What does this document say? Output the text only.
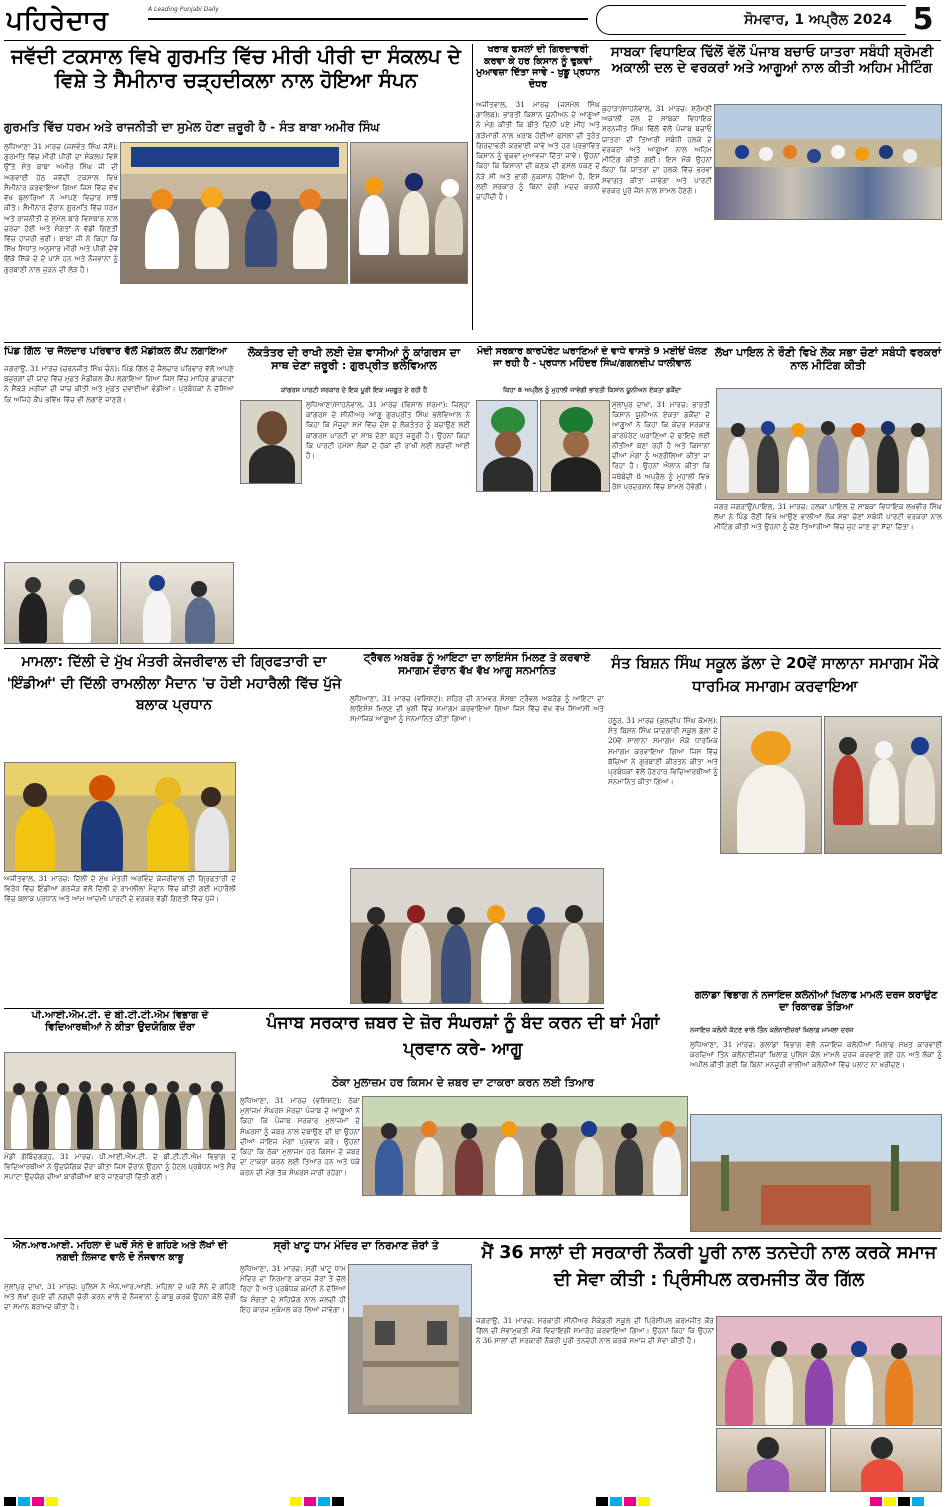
ਪਹਿਰੇਦਾਰ	A Leading Punjabi Daily
ਸੋਮਵਾਰ, 1 ਅਪ੍ਰੈਲ 2024 5
ਜਵੱਦੀ ਟਕਸਾਲ ਵਿਖੇ ਗੁਰਮਤਿ ਵਿੱਚ ਮੀਰੀ ਪੀਰੀ ਦਾ ਸੰਕਲਪ ਦੇ ਵਿਸ਼ੇ ਤੇ ਸੈਮੀਨਾਰ ਚੜ੍ਹਦੀਕਲਾ ਨਾਲ ਹੋਇਆ ਸੰਪਨ
ਗੁਰਮਤਿ ਵਿੱਚ ਧਰਮ ਅਤੇ ਰਾਜਨੀਤੀ ਦਾ ਸੁਮੇਲ ਹੋਣਾ ਜ਼ਰੂਰੀ ਹੈ - ਸੰਤ ਬਾਬਾ ਅਮੀਰ ਸਿੰਘ
ਲੁਧਿਆਣਾ 31 ਮਾਰਚ (ਜਸਵੰਤ ਸਿੰਘ ਜੱਸੋ): ਗੁਰਮਤਿ ਵਿੱਚ ਮੀਰੀ ਪੀਰੀ ਦਾ ਸੰਕਲਪ ਵਿਸ਼ੇ ਉੱਤੇ ਸੰਤ ਬਾਬਾ ਅਮੀਰ ਸਿੰਘ ਜੀ ਦੀ ਅਗਵਾਈ ਹੇਠ ਜਵੱਦੀ ਟਕਸਾਲ ਵਿਖੇ ਸੈਮੀਨਾਰ ਕਰਵਾਇਆ ਗਿਆ ਜਿਸ ਵਿੱਚ ਵੱਖ ਵੱਖ ਬੁਲਾਰਿਆਂ ਨੇ ਆਪਣੇ ਵਿਚਾਰ ਸਾਂਝੇ ਕੀਤੇ। ਸੈਮੀਨਾਰ ਦੌਰਾਨ ਗੁਰਮਤਿ ਵਿੱਚ ਧਰਮ ਅਤੇ ਰਾਜਨੀਤੀ ਦੇ ਸੁਮੇਲ ਬਾਰੇ ਵਿਸਥਾਰ ਨਾਲ ਚਰਚਾ ਹੋਈ ਅਤੇ ਸੰਗਤਾਂ ਨੇ ਵੱਡੀ ਗਿਣਤੀ ਵਿੱਚ ਹਾਜ਼ਰੀ ਭਰੀ। ਬਾਬਾ ਜੀ ਨੇ ਕਿਹਾ ਕਿ ਸਿੱਖ ਸਿਧਾਂਤ ਅਨੁਸਾਰ ਮੀਰੀ ਅਤੇ ਪੀਰੀ ਦੋਵੇਂ ਇੱਕੋ ਸਿੱਕੇ ਦੇ ਦੋ ਪਾਸੇ ਹਨ ਅਤੇ ਨੌਜਵਾਨਾਂ ਨੂੰ ਗੁਰਬਾਣੀ ਨਾਲ ਜੁੜਨ ਦੀ ਲੋੜ ਹੈ।
ਖਰਾਬ ਫਸਲਾਂ ਦੀ ਗਿਰਦਾਵਰੀ ਕਰਵਾ ਕੇ ਹਰ ਕਿਸਾਨ ਨੂੰ ਢੁਕਵਾਂ ਮੁਆਵਜ਼ਾ ਦਿੱਤਾ ਜਾਵੇ - ਖੁਡੂ ਪ੍ਰਧਾਨ ਦੋਧਰ
ਅਜੀਤਵਾਲ, 31 ਮਾਰਚ (ਜਸਮੇਲ ਸਿੰਘ ਗਾਲਿਬ): ਭਾਰਤੀ ਕਿਸਾਨ ਯੂਨੀਅਨ ਦੇ ਆਗੂਆਂ ਨੇ ਮੰਗ ਕੀਤੀ ਕਿ ਬੀਤੇ ਦਿਨੀਂ ਪਏ ਮੀਂਹ ਅਤੇ ਗੜੇਮਾਰੀ ਨਾਲ ਖਰਾਬ ਹੋਈਆਂ ਫਸਲਾਂ ਦੀ ਤੁਰੰਤ ਗਿਰਦਾਵਰੀ ਕਰਵਾਈ ਜਾਵੇ ਅਤੇ ਹਰ ਪ੍ਰਭਾਵਿਤ ਕਿਸਾਨ ਨੂੰ ਢੁਕਵਾਂ ਮੁਆਵਜ਼ਾ ਦਿੱਤਾ ਜਾਵੇ। ਉਹਨਾਂ ਕਿਹਾ ਕਿ ਕਿਸਾਨਾਂ ਦੀ ਕਣਕ ਦੀ ਫਸਲ ਪੱਕਣ ਦੇ ਨੇੜੇ ਸੀ ਅਤੇ ਭਾਰੀ ਨੁਕਸਾਨ ਹੋਇਆ ਹੈ, ਇਸ ਲਈ ਸਰਕਾਰ ਨੂੰ ਬਿਨਾਂ ਦੇਰੀ ਮਦਦ ਕਰਨੀ ਚਾਹੀਦੀ ਹੈ।
ਸਾਬਕਾ ਵਿਧਾਇਕ ਢਿੱਲੋਂ ਵੱਲੋਂ ਪੰਜਾਬ ਬਚਾਓ ਯਾਤਰਾ ਸਬੰਧੀ ਸ਼੍ਰੋਮਣੀ ਅਕਾਲੀ ਦਲ ਦੇ ਵਰਕਰਾਂ ਅਤੇ ਆਗੂਆਂ ਨਾਲ ਕੀਤੀ ਅਹਿਮ ਮੀਟਿੰਗ
ਕੁਹਾੜਾ/ਸਾਹਨੇਵਾਲ, 31 ਮਾਰਚ: ਸ਼੍ਰੋਮਣੀ ਅਕਾਲੀ ਦਲ ਦੇ ਸਾਬਕਾ ਵਿਧਾਇਕ ਸ਼ਰਨਜੀਤ ਸਿੰਘ ਢਿੱਲੋਂ ਵੱਲੋਂ ਪੰਜਾਬ ਬਚਾਓ ਯਾਤਰਾ ਦੀ ਤਿਆਰੀ ਸਬੰਧੀ ਹਲਕੇ ਦੇ ਵਰਕਰਾਂ ਅਤੇ ਆਗੂਆਂ ਨਾਲ ਅਹਿਮ ਮੀਟਿੰਗ ਕੀਤੀ ਗਈ। ਇਸ ਮੌਕੇ ਉਹਨਾਂ ਕਿਹਾ ਕਿ ਯਾਤਰਾ ਦਾ ਹਲਕੇ ਵਿੱਚ ਭਰਵਾਂ ਸਵਾਗਤ ਕੀਤਾ ਜਾਵੇਗਾ ਅਤੇ ਪਾਰਟੀ ਵਰਕਰ ਪੂਰੇ ਜੋਸ਼ ਨਾਲ ਸ਼ਾਮਲ ਹੋਣਗੇ।
ਪਿੰਡ ਗਿੱਲ 'ਚ ਜੈਲਦਾਰ ਪਰਿਵਾਰ ਵੱਲੋਂ ਮੈਡੀਕਲ ਕੈਂਪ ਲਗਾਇਆ
ਜਗਰਾਉਂ, 31 ਮਾਰਚ (ਚਰਨਜੀਤ ਸਿੰਘ ਚੰਨ): ਪਿੰਡ ਗਿੱਲ ਦੇ ਜੈਲਦਾਰ ਪਰਿਵਾਰ ਵੱਲੋਂ ਆਪਣੇ ਬਜ਼ੁਰਗਾਂ ਦੀ ਯਾਦ ਵਿੱਚ ਮੁਫ਼ਤ ਮੈਡੀਕਲ ਕੈਂਪ ਲਗਾਇਆ ਗਿਆ ਜਿਸ ਵਿੱਚ ਮਾਹਿਰ ਡਾਕਟਰਾਂ ਨੇ ਸੈਂਕੜੇ ਮਰੀਜ਼ਾਂ ਦੀ ਜਾਂਚ ਕੀਤੀ ਅਤੇ ਮੁਫ਼ਤ ਦਵਾਈਆਂ ਵੰਡੀਆਂ। ਪ੍ਰਬੰਧਕਾਂ ਨੇ ਦੱਸਿਆ ਕਿ ਅਜਿਹੇ ਕੈਂਪ ਭਵਿੱਖ ਵਿੱਚ ਵੀ ਲਗਾਏ ਜਾਣਗੇ।
ਲੋਕਤੰਤਰ ਦੀ ਰਾਖੀ ਲਈ ਦੇਸ਼ ਵਾਸੀਆਂ ਨੂੰ ਕਾਂਗਰਸ ਦਾ ਸਾਥ ਦੇਣਾ ਜ਼ਰੂਰੀ : ਗੁਰਪ੍ਰੀਤ ਭਲੇਵਿਆਲ
ਕਾਂਗਰਸ ਪਾਰਟੀ ਸਰਕਾਰ ਦੇ ਇਕ ਪੂਰੀ ਇਕ ਮਜ਼ਬੂਤ ਦੇ ਰਹੀ ਹੈ
ਲੁਧਿਆਣਾ/ਸਾਹਨੇਵਾਲ, 31 ਮਾਰਚ (ਵਿਸ਼ਾਲ ਸ਼ਰਮਾ): ਜ਼ਿਲ੍ਹਾ ਕਾਂਗਰਸ ਦੇ ਸੀਨੀਅਰ ਆਗੂ ਗੁਰਪ੍ਰੀਤ ਸਿੰਘ ਭਲੇਵਿਆਲ ਨੇ ਕਿਹਾ ਕਿ ਮੌਜੂਦਾ ਸਮੇਂ ਵਿੱਚ ਦੇਸ਼ ਦੇ ਲੋਕਤੰਤਰ ਨੂੰ ਬਚਾਉਣ ਲਈ ਕਾਂਗਰਸ ਪਾਰਟੀ ਦਾ ਸਾਥ ਦੇਣਾ ਬਹੁਤ ਜ਼ਰੂਰੀ ਹੈ। ਉਹਨਾਂ ਕਿਹਾ ਕਿ ਪਾਰਟੀ ਹਮੇਸ਼ਾ ਲੋਕਾਂ ਦੇ ਹੱਕਾਂ ਦੀ ਰਾਖੀ ਲਈ ਲੜਦੀ ਆਈ ਹੈ।
ਮੋਦੀ ਸਰਕਾਰ ਕਾਰਪੋਰੇਟ ਘਰਾਣਿਆਂ ਦੇ ਵਾਧੇ ਵਾਸਤੇ 9 ਮਈਓਂ ਖੋਲਣ ਜਾ ਰਹੀ ਹੈ - ਪ੍ਰਧਾਨ ਮਹਿੰਦਰ ਸਿੰਘ/ਗਗਨਦੀਪ ਧਾਲੀਵਾਲ
ਕਿਹਾ 8 ਅਪ੍ਰੈਲ ਨੂੰ ਮੁਹਾਲੀ ਜਾਵੇਗੀ ਭਾਰਤੀ ਕਿਸਾਨ ਯੂਨੀਅਨ ਏਕਤਾ ਡਕੌਂਦਾ
ਮੁੱਲਾਂਪੁਰ ਦਾਖਾ, 31 ਮਾਰਚ: ਭਾਰਤੀ ਕਿਸਾਨ ਯੂਨੀਅਨ ਏਕਤਾ ਡਕੌਂਦਾ ਦੇ ਆਗੂਆਂ ਨੇ ਕਿਹਾ ਕਿ ਕੇਂਦਰ ਸਰਕਾਰ ਕਾਰਪੋਰੇਟ ਘਰਾਣਿਆਂ ਦੇ ਫਾਇਦੇ ਲਈ ਨੀਤੀਆਂ ਬਣਾ ਰਹੀ ਹੈ ਅਤੇ ਕਿਸਾਨਾਂ ਦੀਆਂ ਮੰਗਾਂ ਨੂੰ ਅਣਗੌਲਿਆ ਕੀਤਾ ਜਾ ਰਿਹਾ ਹੈ। ਉਹਨਾਂ ਐਲਾਨ ਕੀਤਾ ਕਿ ਜਥੇਬੰਦੀ 8 ਅਪ੍ਰੈਲ ਨੂੰ ਮੁਹਾਲੀ ਵਿਖੇ ਰੋਸ ਪ੍ਰਦਰਸ਼ਨ ਵਿੱਚ ਸ਼ਾਮਲ ਹੋਵੇਗੀ।
ਲੱਖਾ ਪਾਇਲ ਨੇ ਰੌਣੀ ਵਿਖੇ ਲੋਕ ਸਭਾ ਚੋਣਾਂ ਸਬੰਧੀ ਵਰਕਰਾਂ ਨਾਲ ਮੀਟਿੰਗ ਕੀਤੀ
ਜਗਰ ਜਗਰਾਉਂ/ਪਾਇਲ, 31 ਮਾਰਚ: ਹਲਕਾ ਪਾਇਲ ਦੇ ਸਾਬਕਾ ਵਿਧਾਇਕ ਲਖਵੀਰ ਸਿੰਘ ਲੱਖਾ ਨੇ ਪਿੰਡ ਰੌਣੀ ਵਿਖੇ ਆਉਣ ਵਾਲੀਆਂ ਲੋਕ ਸਭਾ ਚੋਣਾਂ ਸਬੰਧੀ ਪਾਰਟੀ ਵਰਕਰਾਂ ਨਾਲ ਮੀਟਿੰਗ ਕੀਤੀ ਅਤੇ ਉਹਨਾਂ ਨੂੰ ਚੋਣ ਤਿਆਰੀਆਂ ਵਿੱਚ ਜੁਟ ਜਾਣ ਦਾ ਸੱਦਾ ਦਿੱਤਾ।
ਮਾਮਲਾ: ਦਿੱਲੀ ਦੇ ਮੁੱਖ ਮੰਤਰੀ ਕੇਜਰੀਵਾਲ ਦੀ ਗ੍ਰਿਫਤਾਰੀ ਦਾ 'ਇੰਡੀਆਂ' ਦੀ ਦਿੱਲੀ ਰਾਮਲੀਲਾ ਮੈਦਾਨ 'ਚ ਹੋਈ ਮਹਾਰੈਲੀ ਵਿੱਚ ਪੁੱਜੇ ਬਲਾਕ ਪ੍ਰਧਾਨ
ਅਜੀਤਵਾਲ, 31 ਮਾਰਚ: ਦਿੱਲੀ ਦੇ ਮੁੱਖ ਮੰਤਰੀ ਅਰਵਿੰਦ ਕੇਜਰੀਵਾਲ ਦੀ ਗ੍ਰਿਫਤਾਰੀ ਦੇ ਵਿਰੋਧ ਵਿੱਚ ਇੰਡੀਆ ਗਠਜੋੜ ਵੱਲੋਂ ਦਿੱਲੀ ਦੇ ਰਾਮਲੀਲਾ ਮੈਦਾਨ ਵਿੱਚ ਕੀਤੀ ਗਈ ਮਹਾਰੈਲੀ ਵਿੱਚ ਬਲਾਕ ਪ੍ਰਧਾਨ ਅਤੇ ਆਮ ਆਦਮੀ ਪਾਰਟੀ ਦੇ ਵਰਕਰ ਵੱਡੀ ਗਿਣਤੀ ਵਿੱਚ ਪੁੱਜੇ।
ਟ੍ਰੈਵਲ ਅਬਰੋਡ ਨੂੰ ਆਇਟਾ ਦਾ ਲਾਇਸੰਸ ਮਿਲਣ ਤੇ ਕਰਵਾਏ ਸਮਾਗਮ ਦੌਰਾਨ ਵੱਖ ਵੱਖ ਆਗੂ ਸਨਮਾਨਿਤ
ਲੁਧਿਆਣਾ, 31 ਮਾਰਚ (ਵਸ਼ਿਸ਼ਟ): ਸ਼ਹਿਰ ਦੀ ਨਾਮਵਰ ਸੰਸਥਾ ਟ੍ਰੈਵਲ ਅਬਰੋਡ ਨੂੰ ਆਇਟਾ ਦਾ ਲਾਇਸੰਸ ਮਿਲਣ ਦੀ ਖੁਸ਼ੀ ਵਿੱਚ ਸਮਾਗਮ ਕਰਵਾਇਆ ਗਿਆ ਜਿਸ ਵਿੱਚ ਵੱਖ ਵੱਖ ਸਿਆਸੀ ਅਤੇ ਸਮਾਜਿਕ ਆਗੂਆਂ ਨੂੰ ਸਨਮਾਨਿਤ ਕੀਤਾ ਗਿਆ।
ਸੰਤ ਬਿਸ਼ਨ ਸਿੰਘ ਸਕੂਲ ਡੱਲਾ ਦੇ 20ਵੇਂ ਸਾਲਾਨਾ ਸਮਾਗਮ ਮੌਕੇ ਧਾਰਮਿਕ ਸਮਾਗਮ ਕਰਵਾਇਆ
ਹਠੂਰ, 31 ਮਾਰਚ (ਕੁਲਦੀਪ ਸਿੰਘ ਕੋਮਲ): ਸੰਤ ਬਿਸ਼ਨ ਸਿੰਘ ਯਾਦਗਾਰੀ ਸਕੂਲ ਡੱਲਾ ਦੇ 20ਵੇਂ ਸਾਲਾਨਾ ਸਮਾਗਮ ਮੌਕੇ ਧਾਰਮਿਕ ਸਮਾਗਮ ਕਰਵਾਇਆ ਗਿਆ ਜਿਸ ਵਿੱਚ ਬੱਚਿਆਂ ਨੇ ਗੁਰਬਾਣੀ ਕੀਰਤਨ ਕੀਤਾ ਅਤੇ ਪ੍ਰਬੰਧਕਾਂ ਵੱਲੋਂ ਹੋਣਹਾਰ ਵਿਦਿਆਰਥੀਆਂ ਨੂੰ ਸਨਮਾਨਿਤ ਕੀਤਾ ਗਿਆ।
ਪੀ.ਆਈ.ਐਮ.ਟੀ. ਦੇ ਬੀ.ਟੀ.ਟੀ.ਐਮ ਵਿਭਾਗ ਦੇ ਵਿਦਿਆਰਥੀਆਂ ਨੇ ਕੀਤਾ ਉਦਯੋਗਿਕ ਦੌਰਾ
ਮੰਡੀ ਗੋਬਿੰਦਗੜ੍ਹ, 31 ਮਾਰਚ: ਪੀ.ਆਈ.ਐਮ.ਟੀ. ਦੇ ਬੀ.ਟੀ.ਟੀ.ਐਮ ਵਿਭਾਗ ਦੇ ਵਿਦਿਆਰਥੀਆਂ ਨੇ ਉਦਯੋਗਿਕ ਦੌਰਾ ਕੀਤਾ ਜਿਸ ਦੌਰਾਨ ਉਹਨਾਂ ਨੂੰ ਹੋਟਲ ਪ੍ਰਬੰਧਨ ਅਤੇ ਸੈਰ ਸਪਾਟਾ ਉਦਯੋਗ ਦੀਆਂ ਬਾਰੀਕੀਆਂ ਬਾਰੇ ਜਾਣਕਾਰੀ ਦਿੱਤੀ ਗਈ।
ਪੰਜਾਬ ਸਰਕਾਰ ਜ਼ਬਰ ਦੇ ਜ਼ੋਰ ਸੰਘਰਸ਼ਾਂ ਨੂੰ ਬੰਦ ਕਰਨ ਦੀ ਥਾਂ ਮੰਗਾਂ ਪ੍ਰਵਾਨ ਕਰੇ- ਆਗੂ
ਠੇਕਾ ਮੁਲਾਜ਼ਮ ਹਰ ਕਿਸਮ ਦੇ ਜ਼ਬਰ ਦਾ ਟਾਕਰਾ ਕਰਨ ਲਈ ਤਿਆਰ
ਲੁਧਿਆਣਾ, 31 ਮਾਰਚ (ਵਸ਼ਿਸ਼ਟ): ਠੇਕਾ ਮੁਲਾਜ਼ਮ ਸੰਘਰਸ਼ ਮੋਰਚਾ ਪੰਜਾਬ ਦੇ ਆਗੂਆਂ ਨੇ ਕਿਹਾ ਕਿ ਪੰਜਾਬ ਸਰਕਾਰ ਮੁਲਾਜ਼ਮਾਂ ਦੇ ਸੰਘਰਸ਼ਾਂ ਨੂੰ ਜ਼ਬਰ ਨਾਲ ਦਬਾਉਣ ਦੀ ਥਾਂ ਉਹਨਾਂ ਦੀਆਂ ਜਾਇਜ਼ ਮੰਗਾਂ ਪ੍ਰਵਾਨ ਕਰੇ। ਉਹਨਾਂ ਕਿਹਾ ਕਿ ਠੇਕਾ ਮੁਲਾਜ਼ਮ ਹਰ ਕਿਸਮ ਦੇ ਜ਼ਬਰ ਦਾ ਟਾਕਰਾ ਕਰਨ ਲਈ ਤਿਆਰ ਹਨ ਅਤੇ ਪੱਕੇ ਕਰਨ ਦੀ ਮੰਗ ਤੱਕ ਸੰਘਰਸ਼ ਜਾਰੀ ਰਹੇਗਾ।
ਗਲਾਡਾ ਵਿਭਾਗ ਨੇ ਨਜਾਇਜ਼ ਕਲੋਨੀਆਂ ਖਿਲਾਫ ਮਾਮਲੇ ਦਰਜ ਕਰਾਉਣ ਦਾ ਰਿਕਾਰਡ ਤੋੜਿਆ
ਨਜਾਇਜ਼ ਕਲੋਨੀ ਕੱਟਣ ਵਾਲੇ ਤਿੰਨ ਕਲੋਨਾਈਜ਼ਰਾਂ ਖ਼ਿਲਾਫ਼ ਮਾਮਲਾ ਦਰਜ
ਲੁਧਿਆਣਾ, 31 ਮਾਰਚ: ਗਲਾਡਾ ਵਿਭਾਗ ਵੱਲੋਂ ਨਜਾਇਜ਼ ਕਲੋਨੀਆਂ ਖਿਲਾਫ ਸਖ਼ਤ ਕਾਰਵਾਈ ਕਰਦਿਆਂ ਤਿੰਨ ਕਲੋਨਾਈਜ਼ਰਾਂ ਖ਼ਿਲਾਫ਼ ਪੁਲਿਸ ਕੋਲ ਮਾਮਲੇ ਦਰਜ ਕਰਵਾਏ ਗਏ ਹਨ ਅਤੇ ਲੋਕਾਂ ਨੂੰ ਅਪੀਲ ਕੀਤੀ ਗਈ ਕਿ ਬਿਨਾਂ ਮਨਜ਼ੂਰੀ ਵਾਲੀਆਂ ਕਲੋਨੀਆਂ ਵਿੱਚ ਪਲਾਟ ਨਾ ਖਰੀਦਣ।
ਐਨ.ਆਰ.ਆਈ. ਮਹਿਲਾ ਦੇ ਘਰੋਂ ਸੋਨੇ ਦੇ ਗਹਿਣੇ ਅਤੇ ਲੱਖਾਂ ਦੀ ਨਗਦੀ ਲਿਜਾਣ ਵਾਲੇ ਦੋ ਨੌਜਵਾਨ ਕਾਬੂ
ਮੁੱਲਾਂਪੁਰ ਦਾਖਾ, 31 ਮਾਰਚ: ਪੁਲਿਸ ਨੇ ਐਨ.ਆਰ.ਆਈ. ਮਹਿਲਾ ਦੇ ਘਰੋਂ ਸੋਨੇ ਦੇ ਗਹਿਣੇ ਅਤੇ ਲੱਖਾਂ ਰੁਪਏ ਦੀ ਨਗਦੀ ਚੋਰੀ ਕਰਨ ਵਾਲੇ ਦੋ ਨੌਜਵਾਨਾਂ ਨੂੰ ਕਾਬੂ ਕਰਕੇ ਉਹਨਾਂ ਕੋਲੋਂ ਚੋਰੀ ਦਾ ਸਮਾਨ ਬਰਾਮਦ ਕੀਤਾ ਹੈ।
ਸ੍ਰੀ ਖਾਟੂ ਧਾਮ ਮੰਦਿਰ ਦਾ ਨਿਰਮਾਣ ਜ਼ੋਰਾਂ ਤੇ
ਲੁਧਿਆਣਾ, 31 ਮਾਰਚ: ਸ੍ਰੀ ਖਾਟੂ ਧਾਮ ਮੰਦਿਰ ਦਾ ਨਿਰਮਾਣ ਕਾਰਜ ਜ਼ੋਰਾਂ ਤੇ ਚੱਲ ਰਿਹਾ ਹੈ ਅਤੇ ਪ੍ਰਬੰਧਕ ਕਮੇਟੀ ਨੇ ਦੱਸਿਆ ਕਿ ਸੰਗਤਾਂ ਦੇ ਸਹਿਯੋਗ ਨਾਲ ਜਲਦੀ ਹੀ ਇਹ ਕਾਰਜ ਮੁਕੰਮਲ ਕਰ ਲਿਆ ਜਾਵੇਗਾ।
ਮੈਂ 36 ਸਾਲਾਂ ਦੀ ਸਰਕਾਰੀ ਨੌਕਰੀ ਪੂਰੀ ਨਾਲ ਤਨਦੇਹੀ ਨਾਲ ਕਰਕੇ ਸਮਾਜ ਦੀ ਸੇਵਾ ਕੀਤੀ : ਪ੍ਰਿੰਸੀਪਲ ਕਰਮਜੀਤ ਕੌਰ ਗਿੱਲ
ਜਗਰਾਉਂ, 31 ਮਾਰਚ: ਸਰਕਾਰੀ ਸੀਨੀਅਰ ਸੈਕੰਡਰੀ ਸਕੂਲ ਦੀ ਪ੍ਰਿੰਸੀਪਲ ਕਰਮਜੀਤ ਕੌਰ ਗਿੱਲ ਦੀ ਸੇਵਾਮੁਕਤੀ ਮੌਕੇ ਵਿਦਾਇਗੀ ਸਮਾਰੋਹ ਕਰਵਾਇਆ ਗਿਆ। ਉਹਨਾਂ ਕਿਹਾ ਕਿ ਉਹਨਾਂ ਨੇ 36 ਸਾਲਾਂ ਦੀ ਸਰਕਾਰੀ ਨੌਕਰੀ ਪੂਰੀ ਤਨਦੇਹੀ ਨਾਲ ਕਰਕੇ ਸਮਾਜ ਦੀ ਸੇਵਾ ਕੀਤੀ ਹੈ।
